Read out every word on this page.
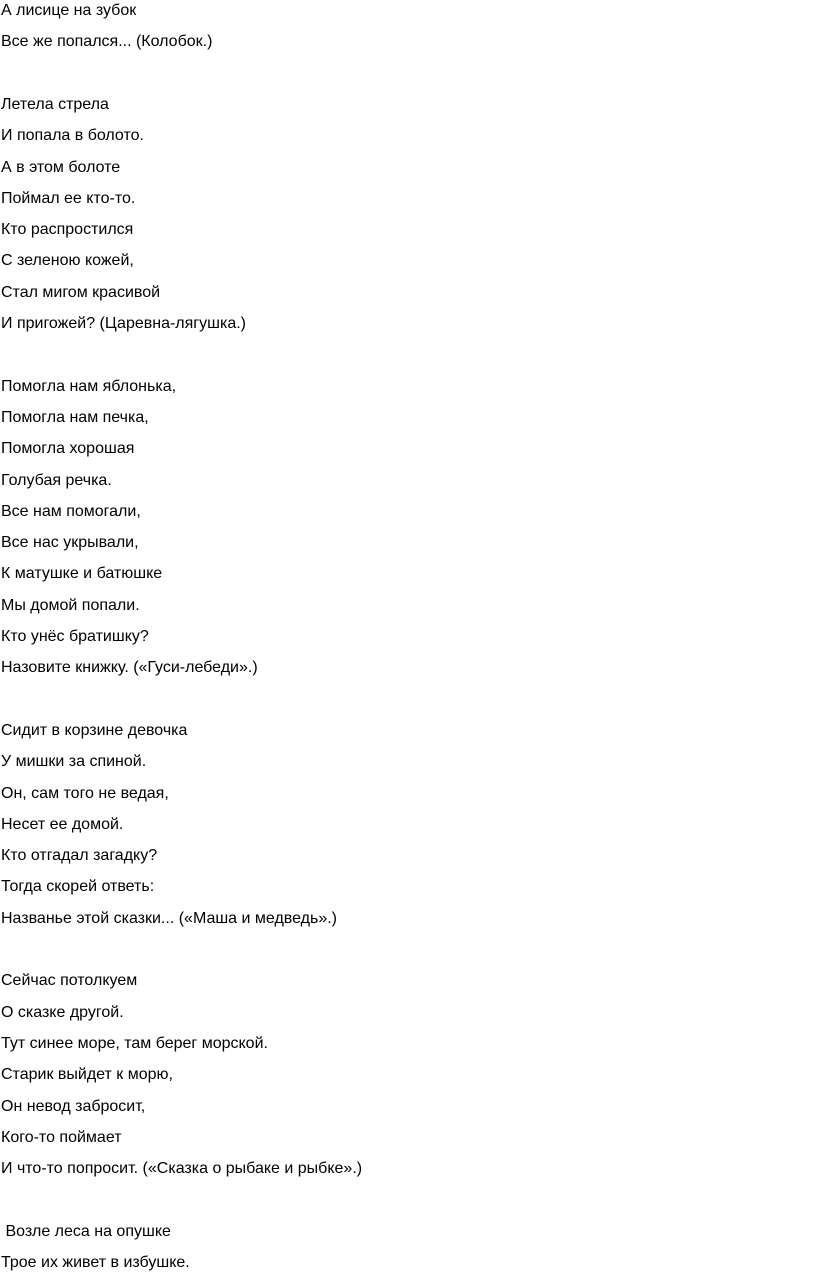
А лисице на зубок
Все же попался... (Колобок.)
Летела стрела
И попала в болото.
А в этом болоте
Поймал ее кто-то.
Кто распростился
С зеленою кожей,
Стал мигом красивой
И пригожей? (Царевна-лягушка.)
Помогла нам яблонька,
Помогла нам печка,
Помогла хорошая
Голубая речка.
Все нам помогали,
Все нас укрывали,
К матушке и батюшке
Мы домой попали.
Кто унёс братишку?
Назовите книжку. («Гуси-лебеди».)
Сидит в корзине девочка
У мишки за спиной.
Он, сам того не ведая,
Несет ее домой.
Кто отгадал загадку?
Тогда скорей ответь:
Названье этой сказки... («Маша и медведь».)
Сейчас потолкуем
О сказке другой.
Тут синее море, там берег морской.
Старик выйдет к морю,
Он невод забросит,
Кого-то поймает
И что-то попросит. («Сказка о рыбаке и рыбке».)
Возле леса на опушке
Трое их живет в избушке.
